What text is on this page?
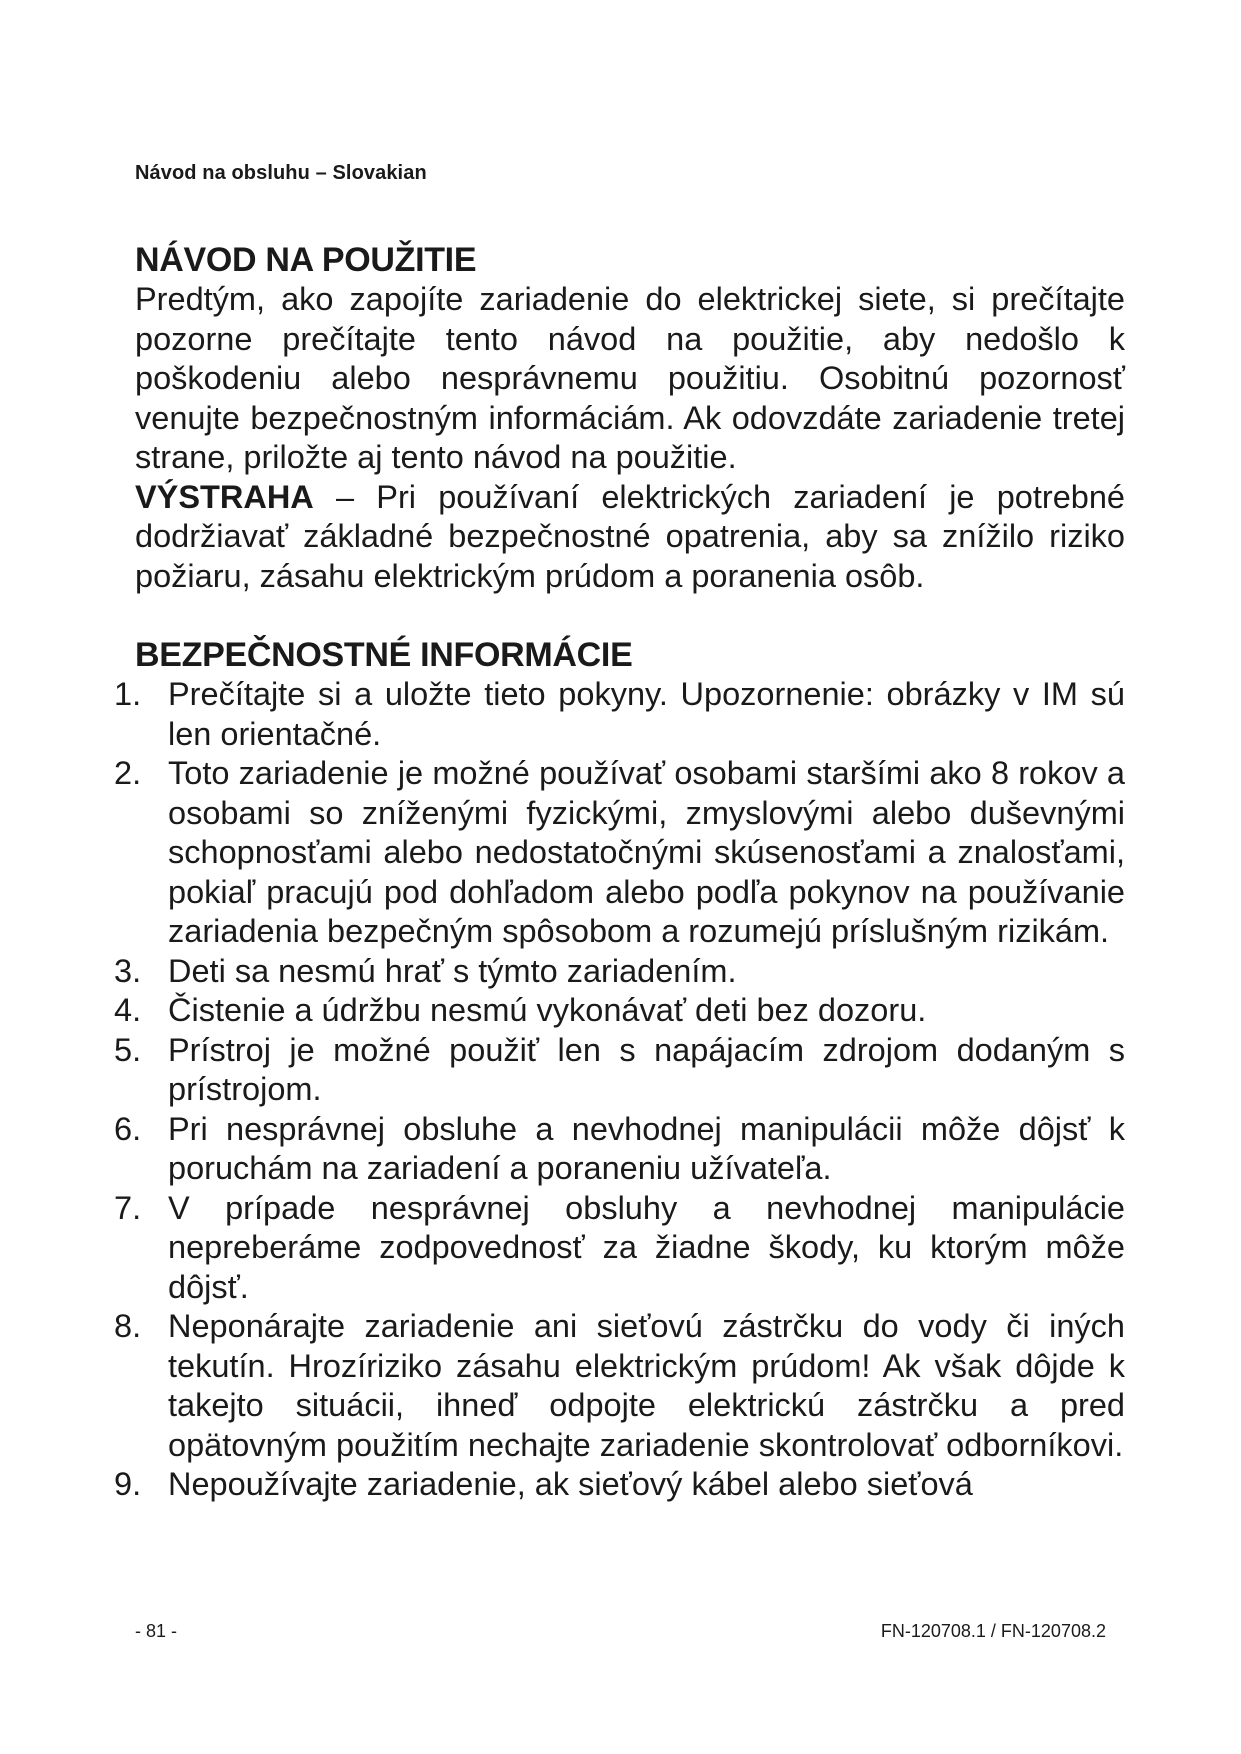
Návod na obsluhu – Slovakian
NÁVOD NA POUŽITIE

Predtým, ako zapojíte zariadenie do elektrickej siete, si prečítajte pozorne prečítajte tento návod na použitie, aby nedošlo k poškodeniu alebo nesprávnemu použitiu. Osobitnú pozornosť venujte bezpečnostným informáciám. Ak odovzdáte zariadenie tretej strane, priložte aj tento návod na použitie.

VÝSTRAHA – Pri používaní elektrických zariadení je potrebné dodržiavať základné bezpečnostné opatrenia, aby sa znížilo riziko požiaru, zásahu elektrickým prúdom a poranenia osôb.

BEZPEČNOSTNÉ INFORMÁCIE
1. Prečítajte si a uložte tieto pokyny. Upozornenie: obrázky v IM sú len orientačné.
2. Toto zariadenie je možné používať osobami staršími ako 8 rokov a osobami so zníženými fyzickými, zmyslovými alebo duševnými schopnosťami alebo nedostatočnými skúsenosťami a znalosťami, pokiaľ pracujú pod dohľadom alebo podľa pokynov na používanie zariadenia bezpečným spôsobom a rozumejú príslušným rizikám.
3. Deti sa nesmú hrať s týmto zariadením.
4. Čistenie a údržbu nesmú vykonávať deti bez dozoru.
5. Prístroj je možné použiť len s napájacím zdrojom dodaným s prístrojom.
6. Pri nesprávnej obsluhe a nevhodnej manipulácii môže dôjsť k poruchám na zariadení a poraneniu užívateľa.
7. V prípade nesprávnej obsluhy a nevhodnej manipulácie nepreberáme zodpovednosť za žiadne škody, ku ktorým môže dôjsť.
8. Neponárajte zariadenie ani sieťovú zástrčku do vody či iných tekutín. Hrozíriziko zásahu elektrickým prúdom! Ak však dôjde k takejto situácii, ihneď odpojte elektrickú zástrčku a pred opätovným použitím nechajte zariadenie skontrolovať odborníkovi.
9. Nepoužívajte zariadenie, ak sieťový kábel alebo sieťová
- 81 -	FN-120708.1 / FN-120708.2
